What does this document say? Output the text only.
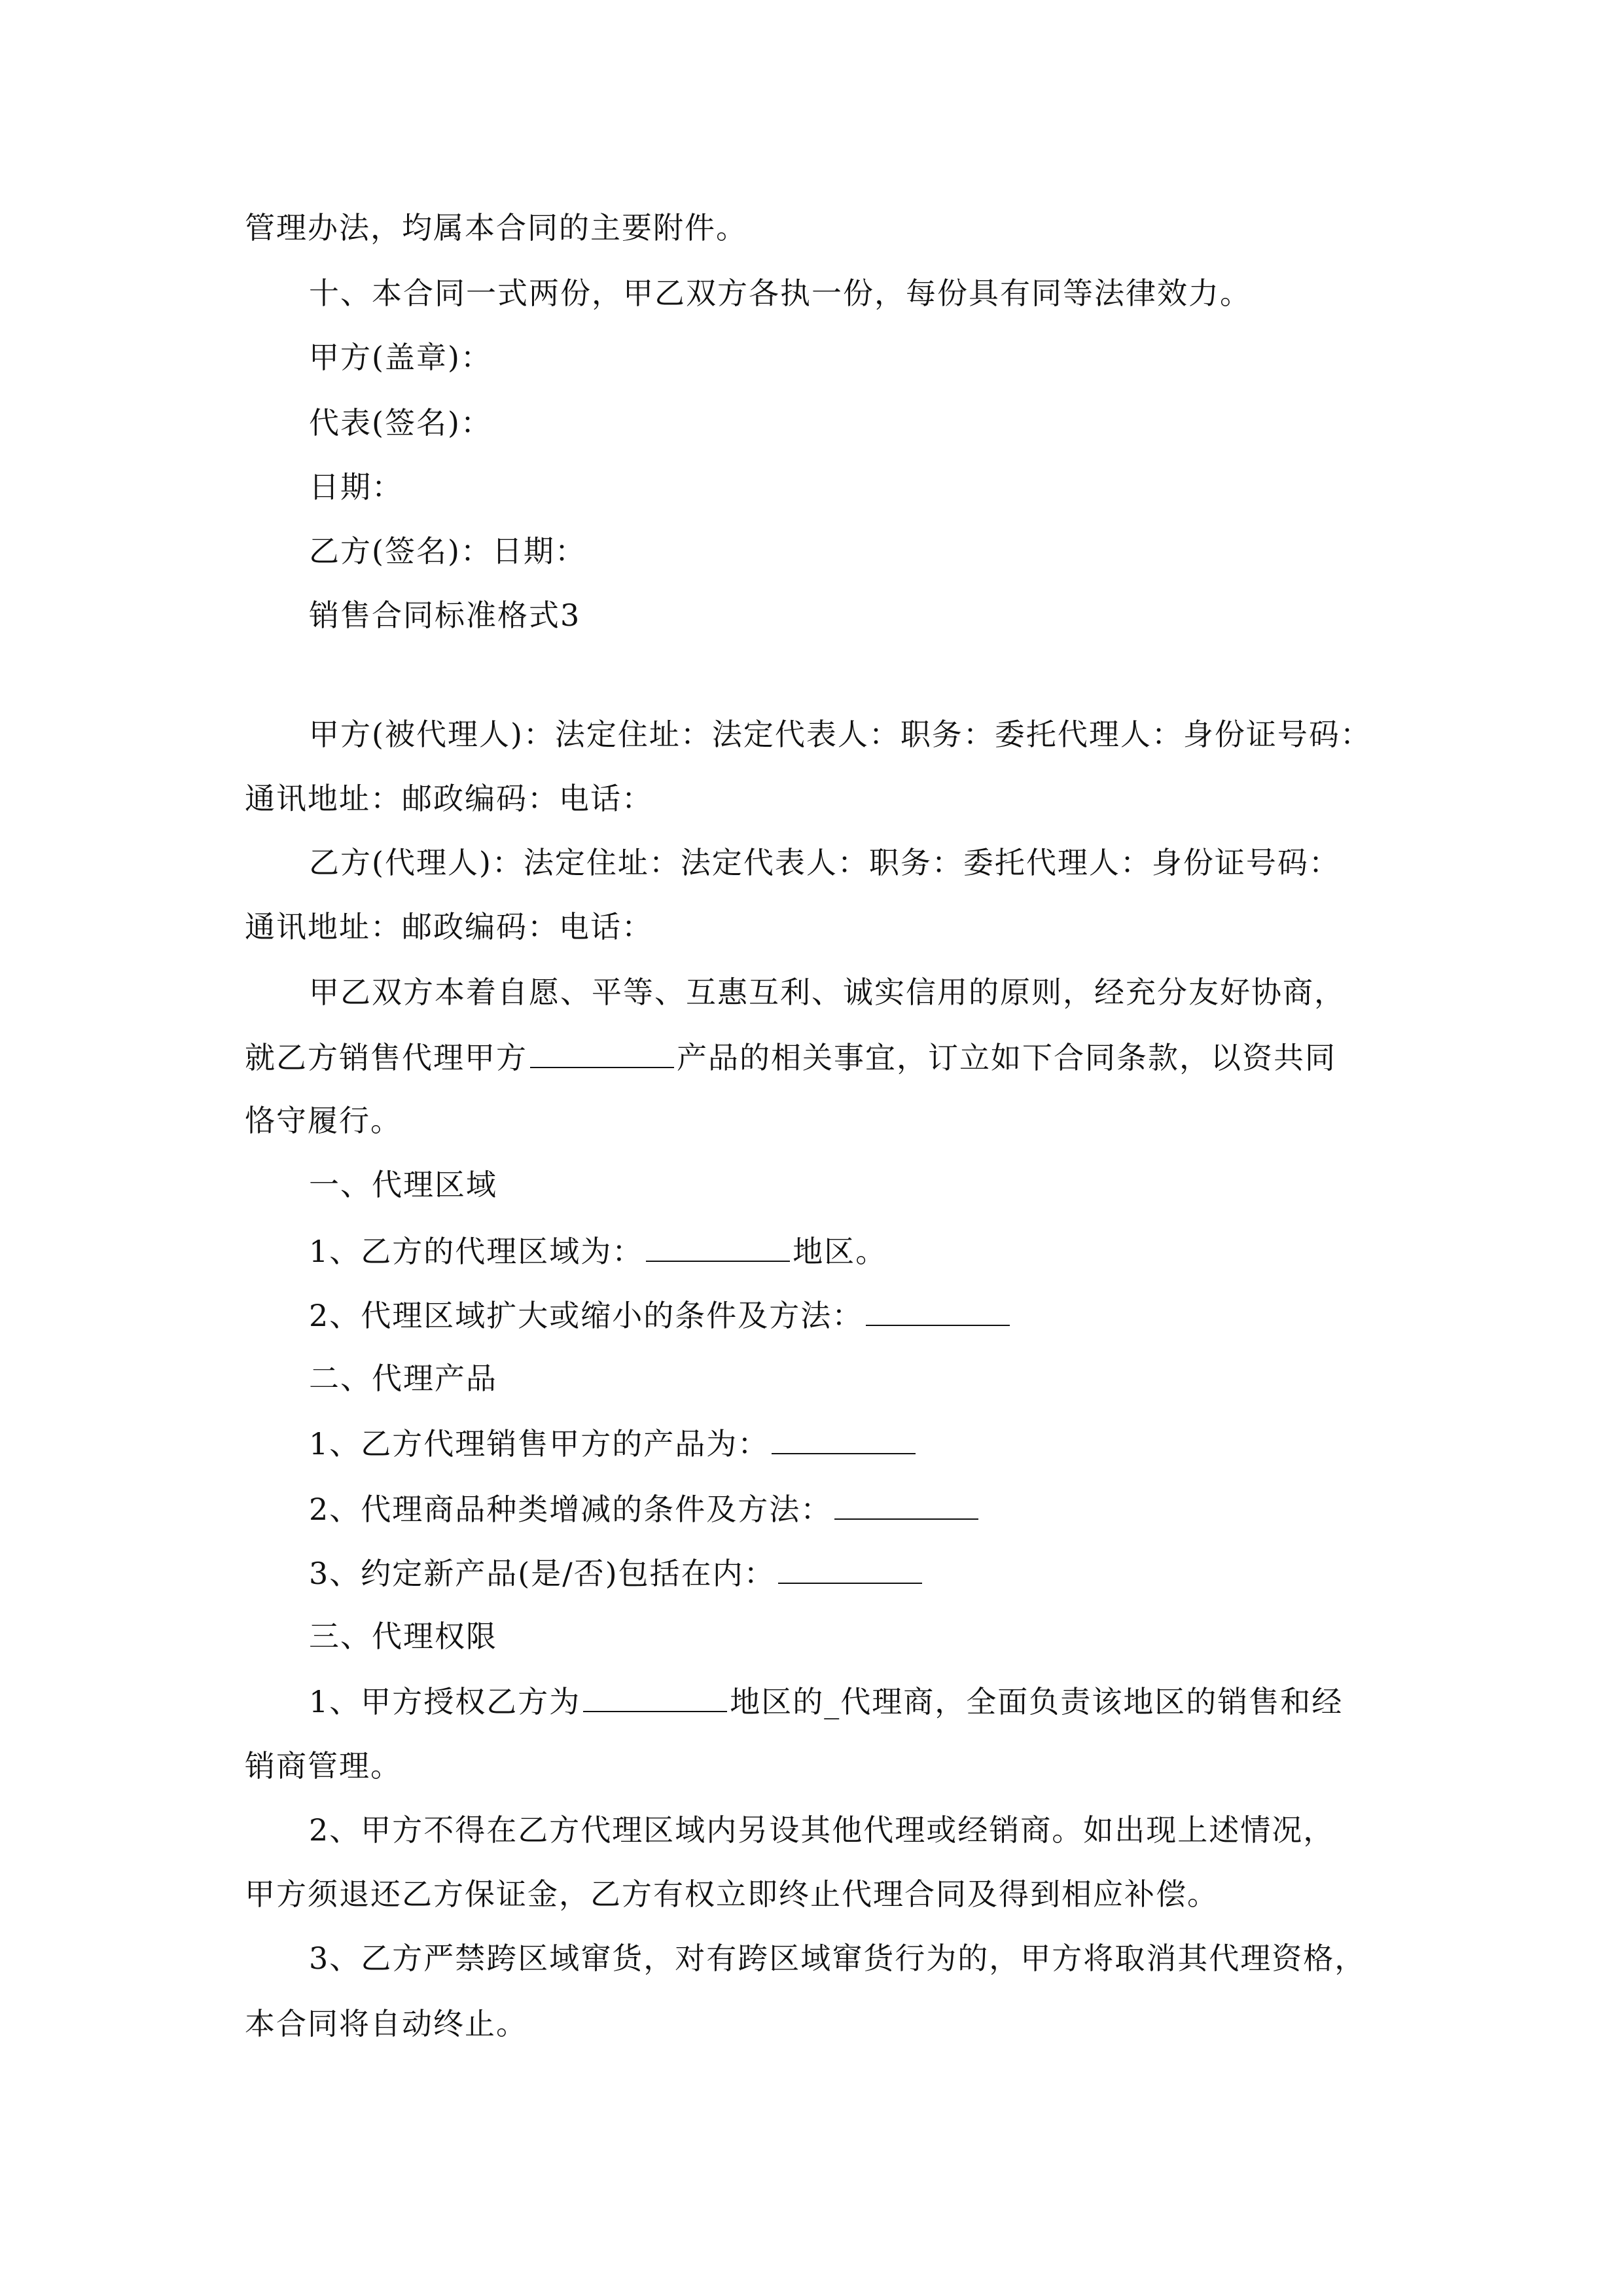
管理办法，均属本合同的主要附件。
十、本合同一式两份，甲乙双方各执一份，每份具有同等法律效力。
甲方(盖章)：
代表(签名)：
日期：
乙方(签名)：日期：
销售合同标准格式3
甲方(被代理人)：法定住址：法定代表人：职务：委托代理人：身份证号码：
通讯地址：邮政编码：电话：
乙方(代理人)：法定住址：法定代表人：职务：委托代理人：身份证号码：
通讯地址：邮政编码：电话：
甲乙双方本着自愿、平等、互惠互利、诚实信用的原则，经充分友好协商，
就乙方销售代理甲方	产品的相关事宜，订立如下合同条款，以资共同
恪守履行。
一、代理区域
1、乙方的代理区域为：	地区。
2、代理区域扩大或缩小的条件及方法：
二、代理产品
1、乙方代理销售甲方的产品为：
2、代理商品种类增减的条件及方法：
3、约定新产品(是/否)包括在内：
三、代理权限
1、甲方授权乙方为	地区的_代理商，全面负责该地区的销售和经
销商管理。
2、甲方不得在乙方代理区域内另设其他代理或经销商。如出现上述情况，
甲方须退还乙方保证金，乙方有权立即终止代理合同及得到相应补偿。
3、乙方严禁跨区域窜货，对有跨区域窜货行为的，甲方将取消其代理资格，
本合同将自动终止。
